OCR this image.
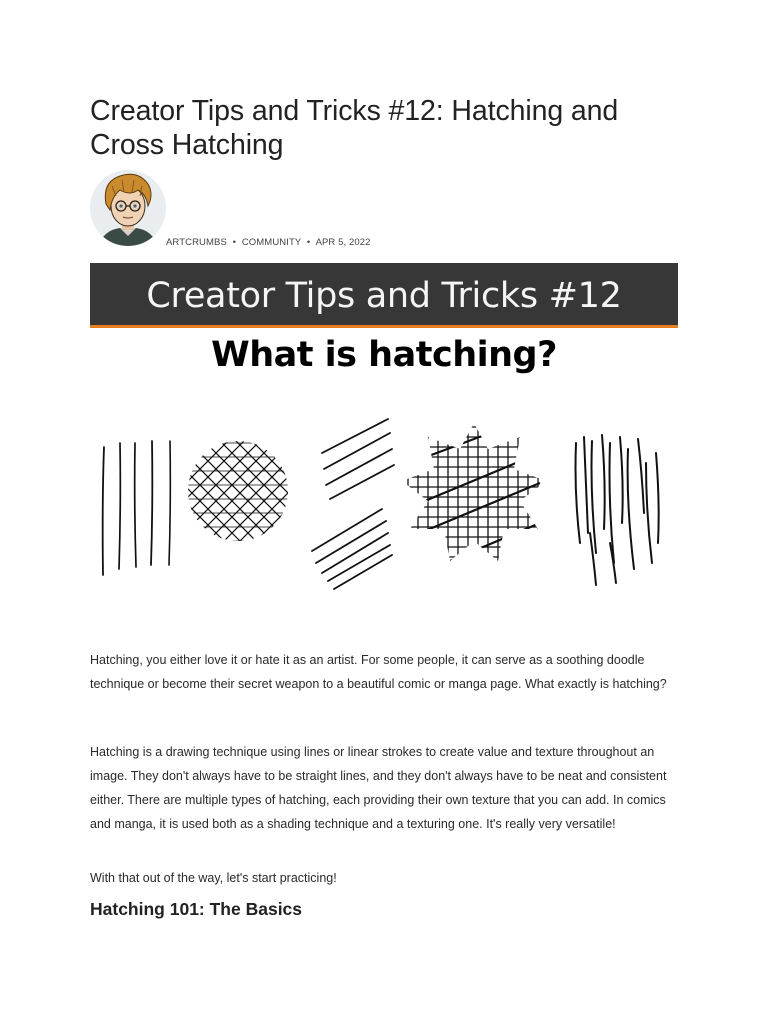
Creator Tips and Tricks #12: Hatching and Cross Hatching
ARTCRUMBS • COMMUNITY • APR 5, 2022
Creator Tips and Tricks #12
What is hatching?

Hatching, you either love it or hate it as an artist. For some people, it can serve as a soothing doodle technique or become their secret weapon to a beautiful comic or manga page. What exactly is hatching?

Hatching is a drawing technique using lines or linear strokes to create value and texture throughout an image. They don't always have to be straight lines, and they don't always have to be neat and consistent either. There are multiple types of hatching, each providing their own texture that you can add. In comics and manga, it is used both as a shading technique and a texturing one. It's really very versatile!

With that out of the way, let's start practicing!

Hatching 101: The Basics
